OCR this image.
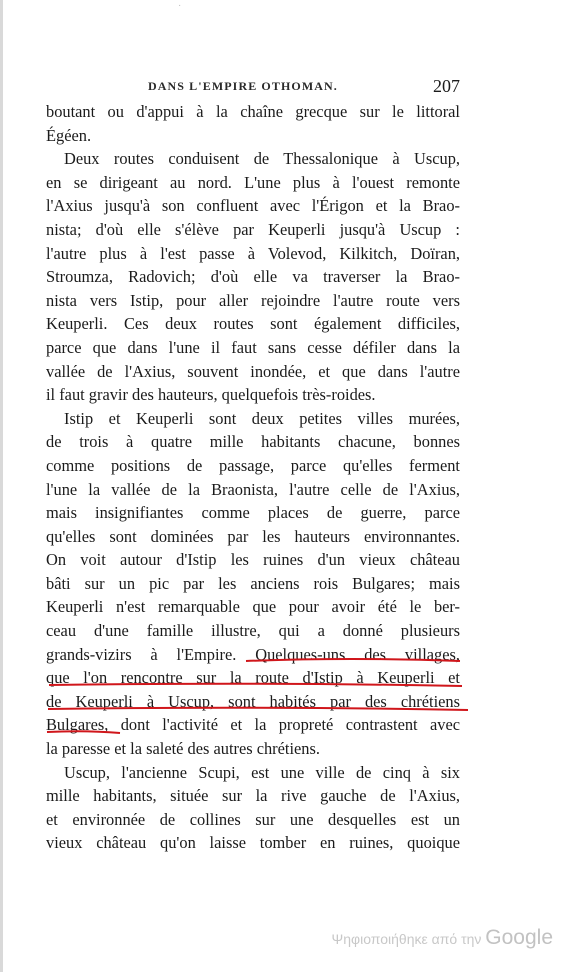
·
DANS L'EMPIRE OTHOMAN.	207
boutant ou d'appui à la chaîne grecque sur le littoral
Égéen.
Deux routes conduisent de Thessalonique à Uscup,
en se dirigeant au nord. L'une plus à l'ouest remonte
l'Axius jusqu'à son confluent avec l'Érigon et la Brao-
nista; d'où elle s'élève par Keuperli jusqu'à Uscup :
l'autre plus à l'est passe à Volevod, Kilkitch, Doïran,
Stroumza, Radovich; d'où elle va traverser la Brao-
nista vers Istip, pour aller rejoindre l'autre route vers
Keuperli. Ces deux routes sont également difficiles,
parce que dans l'une il faut sans cesse défiler dans la
vallée de l'Axius, souvent inondée, et que dans l'autre
il faut gravir des hauteurs, quelquefois très-roides.
Istip et Keuperli sont deux petites villes murées,
de trois à quatre mille habitants chacune, bonnes
comme positions de passage, parce qu'elles ferment
l'une la vallée de la Braonista, l'autre celle de l'Axius,
mais insignifiantes comme places de guerre, parce
qu'elles sont dominées par les hauteurs environnantes.
On voit autour d'Istip les ruines d'un vieux château
bâti sur un pic par les anciens rois Bulgares; mais
Keuperli n'est remarquable que pour avoir été le ber-
ceau d'une famille illustre, qui a donné plusieurs
grands-vizirs à l'Empire. Quelques-uns des villages,
que l'on rencontre sur la route d'Istip à Keuperli et
de Keuperli à Uscup, sont habités par des chrétiens
Bulgares, dont l'activité et la propreté contrastent avec
la paresse et la saleté des autres chrétiens.
Uscup, l'ancienne Scupi, est une ville de cinq à six
mille habitants, située sur la rive gauche de l'Axius,
et environnée de collines sur une desquelles est un
vieux château qu'on laisse tomber en ruines, quoique
Ψηφιοποιήθηκε από την Google
